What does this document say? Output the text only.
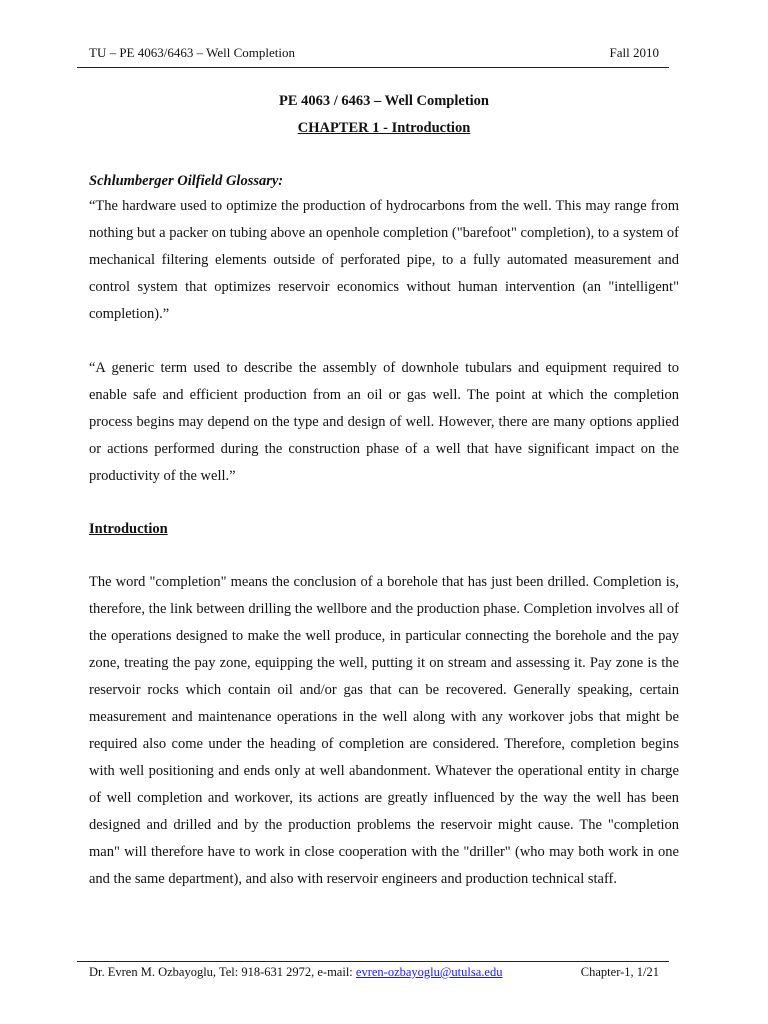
TU – PE 4063/6463 – Well Completion	Fall 2010
PE 4063 / 6463 – Well Completion
CHAPTER 1 - Introduction
Schlumberger Oilfield Glossary:

“The hardware used to optimize the production of hydrocarbons from the well. This may range from nothing but a packer on tubing above an openhole completion ("barefoot" completion), to a system of mechanical filtering elements outside of perforated pipe, to a fully automated measurement and control system that optimizes reservoir economics without human intervention (an "intelligent" completion).”

“A generic term used to describe the assembly of downhole tubulars and equipment required to enable safe and efficient production from an oil or gas well. The point at which the completion process begins may depend on the type and design of well. However, there are many options applied or actions performed during the construction phase of a well that have significant impact on the productivity of the well.”

Introduction

The word "completion" means the conclusion of a borehole that has just been drilled. Completion is, therefore, the link between drilling the wellbore and the production phase. Completion involves all of the operations designed to make the well produce, in particular connecting the borehole and the pay zone, treating the pay zone, equipping the well, putting it on stream and assessing it. Pay zone is the reservoir rocks which contain oil and/or gas that can be recovered. Generally speaking, certain measurement and maintenance operations in the well along with any workover jobs that might be required also come under the heading of completion are considered. Therefore, completion begins with well positioning and ends only at well abandonment. Whatever the operational entity in charge of well completion and workover, its actions are greatly influenced by the way the well has been designed and drilled and by the production problems the reservoir might cause. The "completion man" will therefore have to work in close cooperation with the "driller" (who may both work in one and the same department), and also with reservoir engineers and production technical staff.

Dr. Evren M. Ozbayoglu, Tel: 918-631 2972, e-mail: evren-ozbayoglu@utulsa.edu	Chapter-1, 1/21
